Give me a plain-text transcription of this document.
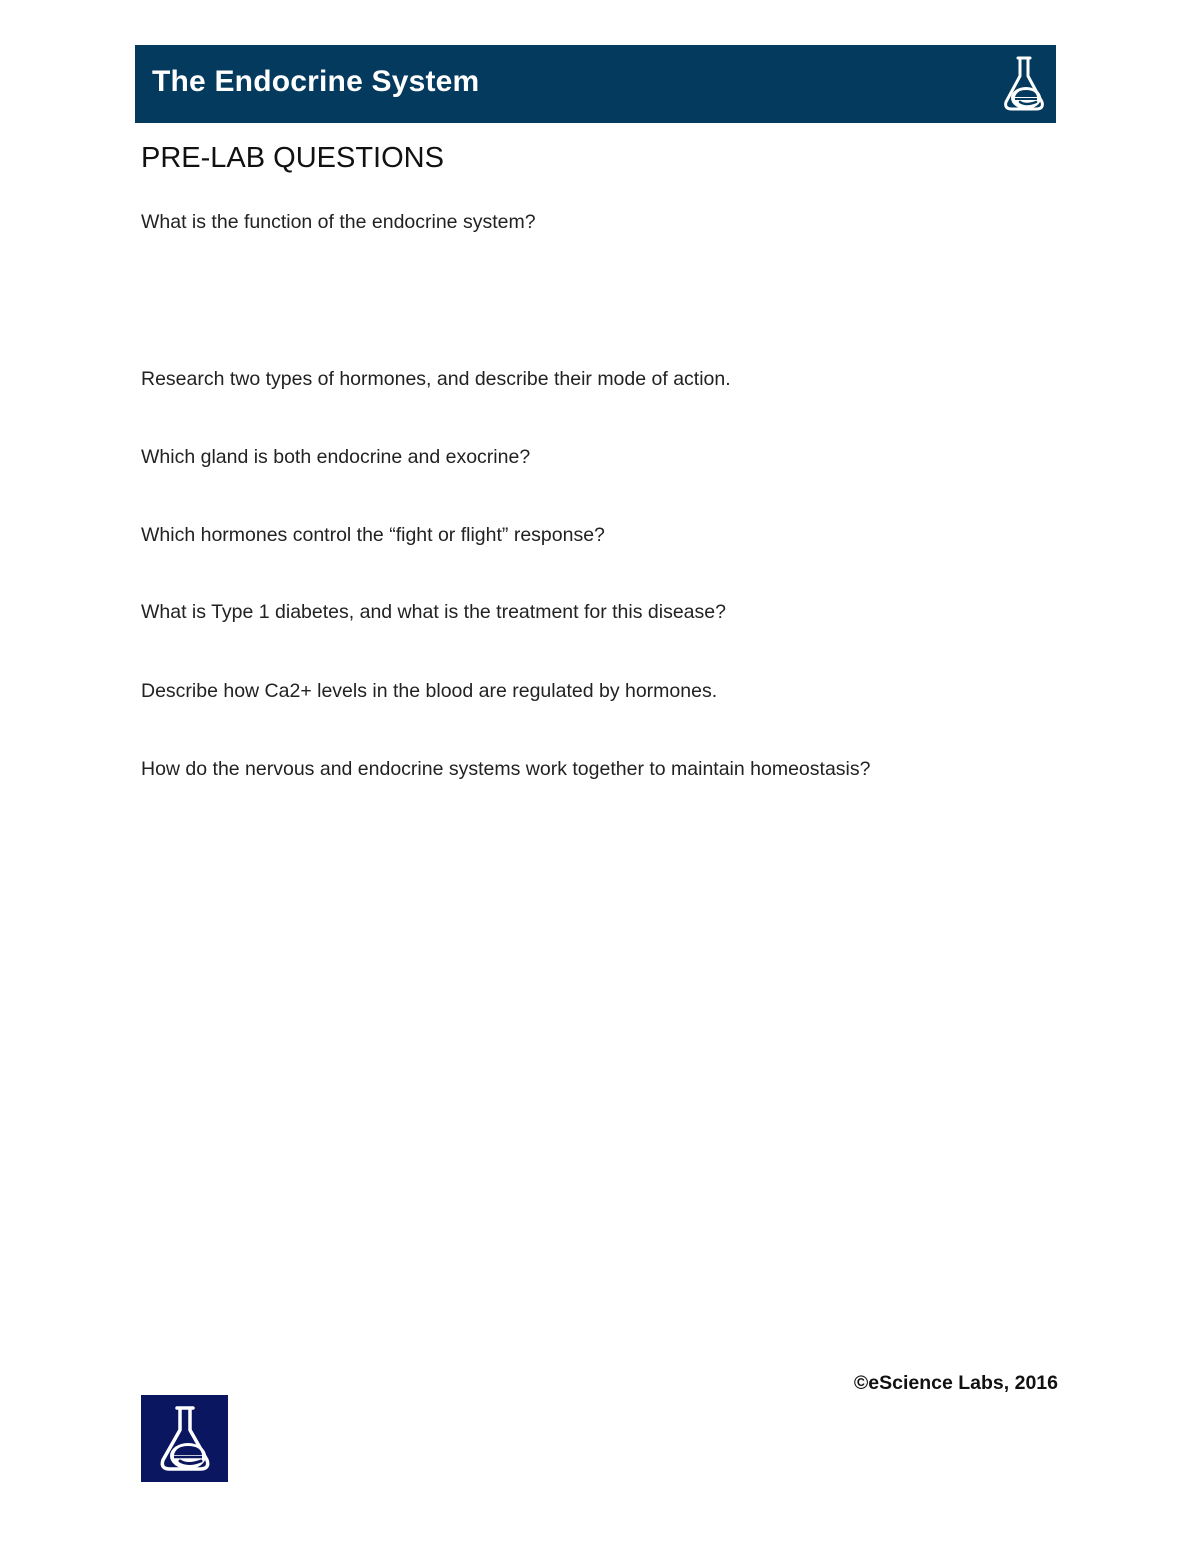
The Endocrine System
PRE-LAB QUESTIONS

What is the function of the endocrine system?

Research two types of hormones, and describe their mode of action.

Which gland is both endocrine and exocrine?

Which hormones control the “fight or flight” response?

What is Type 1 diabetes, and what is the treatment for this disease?

Describe how Ca2+ levels in the blood are regulated by hormones.

How do the nervous and endocrine systems work together to maintain homeostasis?

©eScience Labs, 2016
